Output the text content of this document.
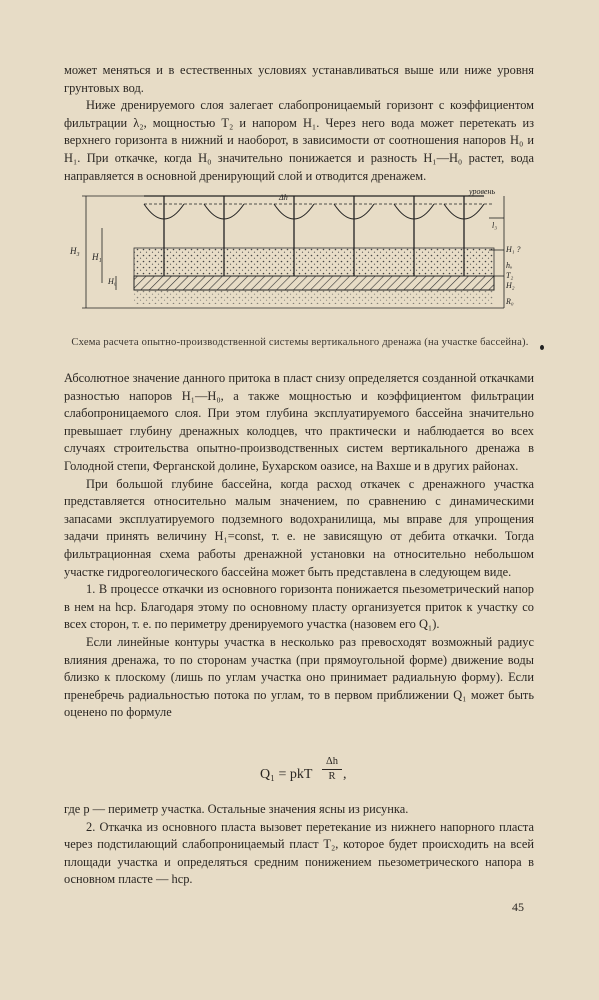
может меняться и в естественных условиях устанавливаться выше или ниже уровня грунтовых вод.

Ниже дренируемого слоя залегает слабопроницаемый горизонт с коэффициентом фильтрации λ₂, мощностью T₂ и напором H₁. Через него вода может перетекать из верхнего горизонта в нижний и наоборот, в зависимости от соотношения напоров H₀ и H₁. При откачке, когда H₀ значительно понижается и разность H₁—H₀ растет, вода направляется в основной дренирующий слой и отводится дренажем.

уровень
Δh
H₃
H₁
H₀
H₁ ?
hₒ
H₂
l₃
R₀
T₂
Схема расчета опытно-производственной системы вертикального дренажа (на участке бассейна).

Абсолютное значение данного притока в пласт снизу определяется созданной откачками разностью напоров H₁—H₀, а также мощностью и коэффициентом фильтрации слабопроницаемого слоя. При этом глубина эксплуатируемого бассейна значительно превышает глубину дренажных колодцев, что практически и наблюдается во всех случаях строительства опытно-производственных систем вертикального дренажа в Голодной степи, Ферганской долине, Бухарском оазисе, на Вахше и в других районах.

При большой глубине бассейна, когда расход откачек с дренажного участка представляется относительно малым значением, по сравнению с динамическими запасами эксплуатируемого подземного водохранилища, мы вправе для упрощения задачи принять величину H₁=const, т. е. не зависящую от дебита откачки. Тогда фильтрационная схема работы дренажной установки на относительно небольшом участке гидрогеологического бассейна может быть представлена в следующем виде.

1. В процессе откачки из основного горизонта понижается пьезометрический напор в нем на hср. Благодаря этому по основному пласту организуется приток к участку со всех сторон, т. е. по периметру дренируемого участка (назовем его Q₁).

Если линейные контуры участка в несколько раз превосходят возможный радиус влияния дренажа, то по сторонам участка (при прямоугольной форме) движение воды близко к плоскому (лишь по углам участка оно принимает радиальную форму). Если пренебречь радиальностью потока по углам, то в первом приближении Q₁ может быть оценено по формуле

Q₁ = pkT
Δh
R ,

где p — периметр участка. Остальные значения ясны из рисунка.

2. Откачка из основного пласта вызовет перетекание из нижнего напорного пласта через подстилающий слабопроницаемый пласт T₂, которое будет происходить на всей площади участка и определяться средним понижением пьезометрического напора в основном пласте — hср.

45
